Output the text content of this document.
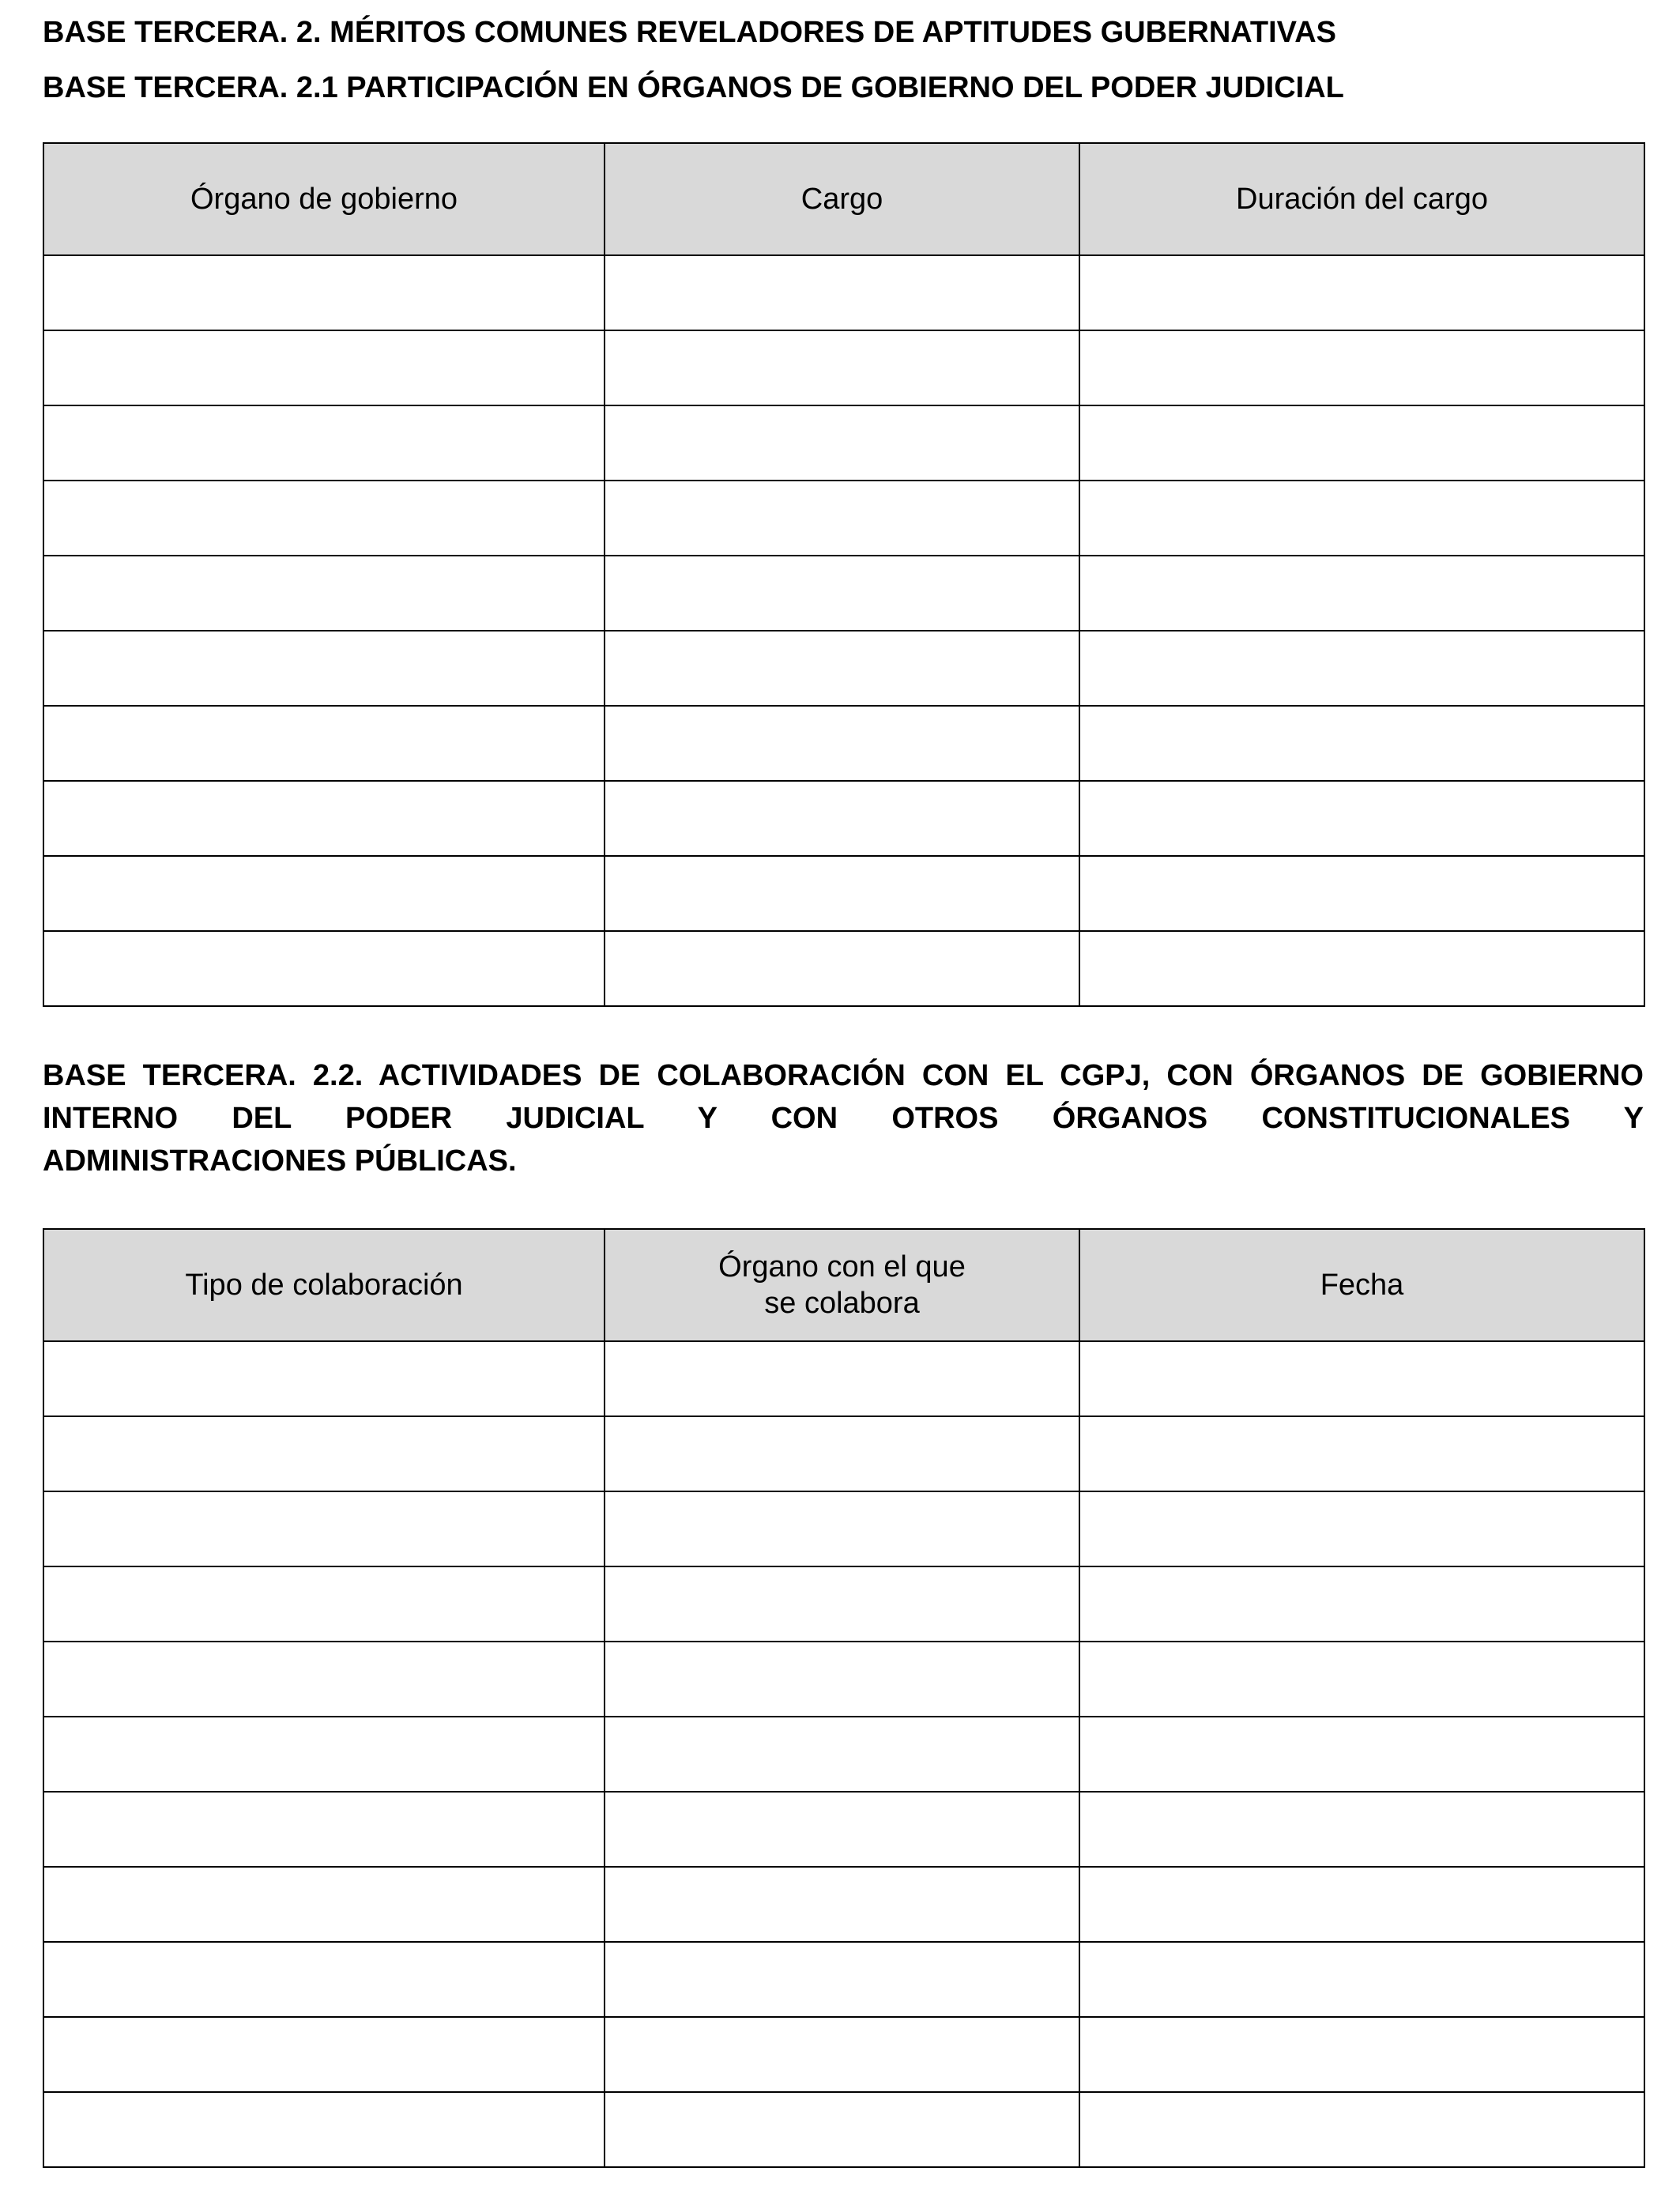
BASE TERCERA. 2. MÉRITOS COMUNES REVELADORES DE APTITUDES GUBERNATIVAS
BASE TERCERA. 2.1 PARTICIPACIÓN EN ÓRGANOS DE GOBIERNO DEL PODER JUDICIAL
Órgano de gobierno	Cargo	Duración del cargo

BASE TERCERA. 2.2. ACTIVIDADES DE COLABORACIÓN CON EL CGPJ, CON ÓRGANOS DE GOBIERNO
INTERNO DEL PODER JUDICIAL Y CON OTROS ÓRGANOS CONSTITUCIONALES Y
ADMINISTRACIONES PÚBLICAS.
Tipo de colaboración	Órgano con el que se colabora	Fecha
